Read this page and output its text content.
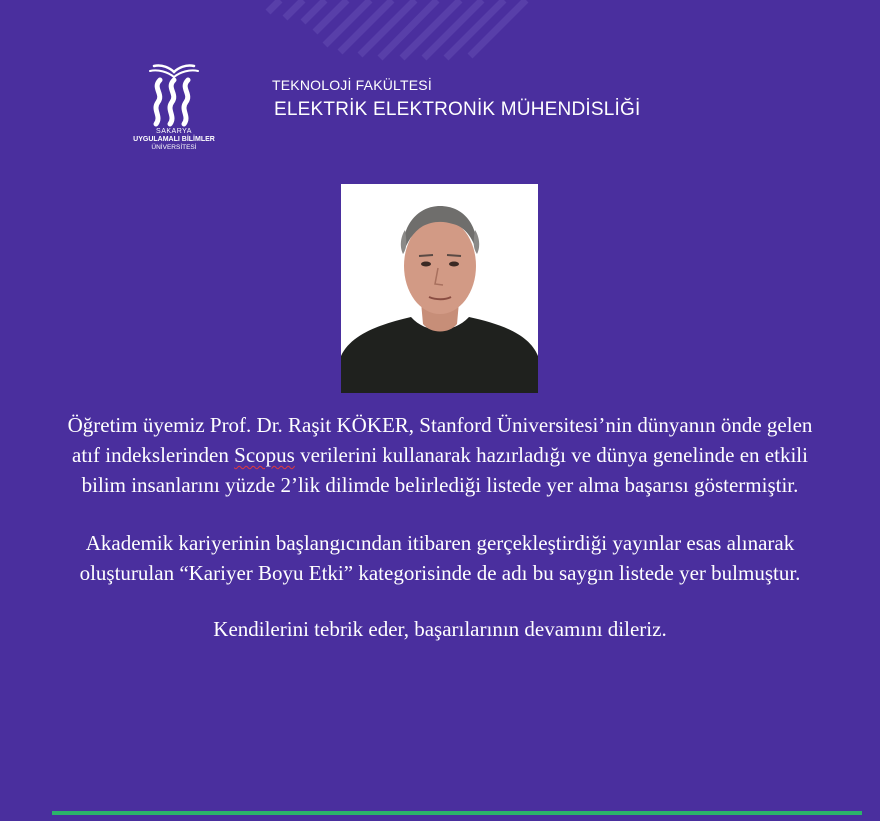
SAKARYA
UYGULAMALI BİLİMLER
ÜNİVERSİTESİ
TEKNOLOJİ FAKÜLTESİ
ELEKTRİK ELEKTRONİK MÜHENDİSLİĞİ
Öğretim üyemiz Prof. Dr. Raşit KÖKER, Stanford Üniversitesi’nin dünyanın önde gelen
atıf indekslerinden Scopus verilerini kullanarak hazırladığı ve dünya genelinde en etkili
bilim insanlarını yüzde 2’lik dilimde belirlediği listede yer alma başarısı göstermiştir.
Akademik kariyerinin başlangıcından itibaren gerçekleştirdiği yayınlar esas alınarak
oluşturulan “Kariyer Boyu Etki” kategorisinde de adı bu saygın listede yer bulmuştur.
Kendilerini tebrik eder, başarılarının devamını dileriz.
